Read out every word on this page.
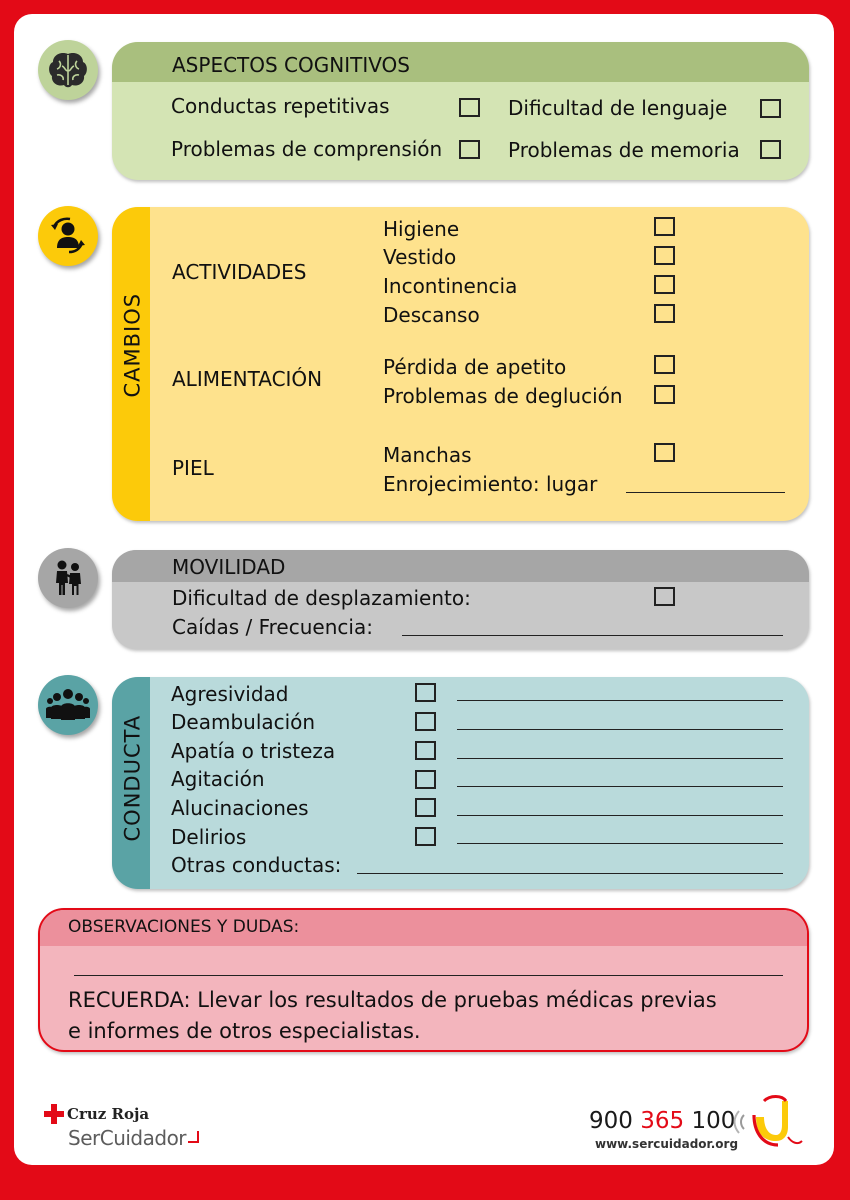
ASPECTOS COGNITIVOS
Conductas repetitivas	Dificultad de lenguaje
Problemas de comprensión	Problemas de memoria
CAMBIOS
ACTIVIDADES
Higiene
Vestido
Incontinencia
Descanso
ALIMENTACIÓN	Pérdida de apetito
Problemas de deglución
PIEL
Manchas
Enrojecimiento: lugar
MOVILIDAD
Dificultad de desplazamiento:
Caídas / Frecuencia:
CONDUCTA
Agresividad
Deambulación
Apatía o tristeza
Agitación
Alucinaciones
Delirios
Otras conductas:
OBSERVACIONES Y DUDAS:
RECUERDA: Llevar los resultados de pruebas médicas previas
e informes de otros especialistas.
Cruz Roja
SerCuidador
CHECK-LIST PARA PREPARAR LA
VISITA AL MÉDICO
900 365 100
www.sercuidador.org
